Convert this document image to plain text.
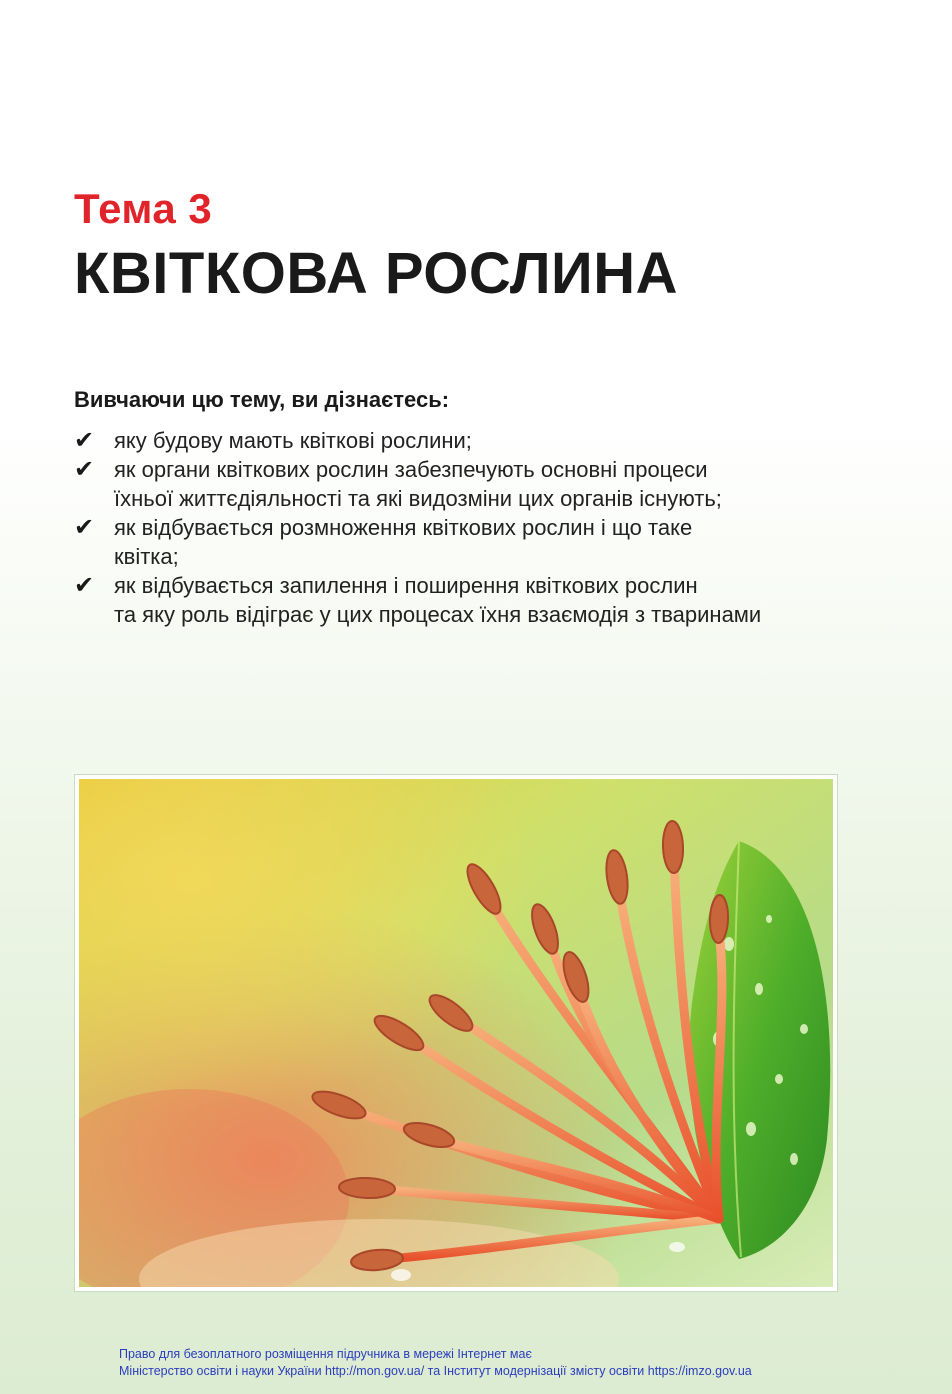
Тема 3
КВІТКОВА РОСЛИНА
Вивчаючи цю тему, ви дізнаєтесь:
✔ яку будову мають квіткові рослини;
✔ як органи квіткових рослин забезпечують основні процеси
їхньої життєдіяльності та які видозміни цих органів існують;
✔ як відбувається розмноження квіткових рослин і що таке
квітка;
✔ як відбувається запилення і поширення квіткових рослин
та яку роль відіграє у цих процесах їхня взаємодія з тваринами
Право для безоплатного розміщення підручника в мережі Інтернет має
Міністерство освіти і науки України http://mon.gov.ua/ та Інститут модернізації змісту освіти https://imzo.gov.ua
